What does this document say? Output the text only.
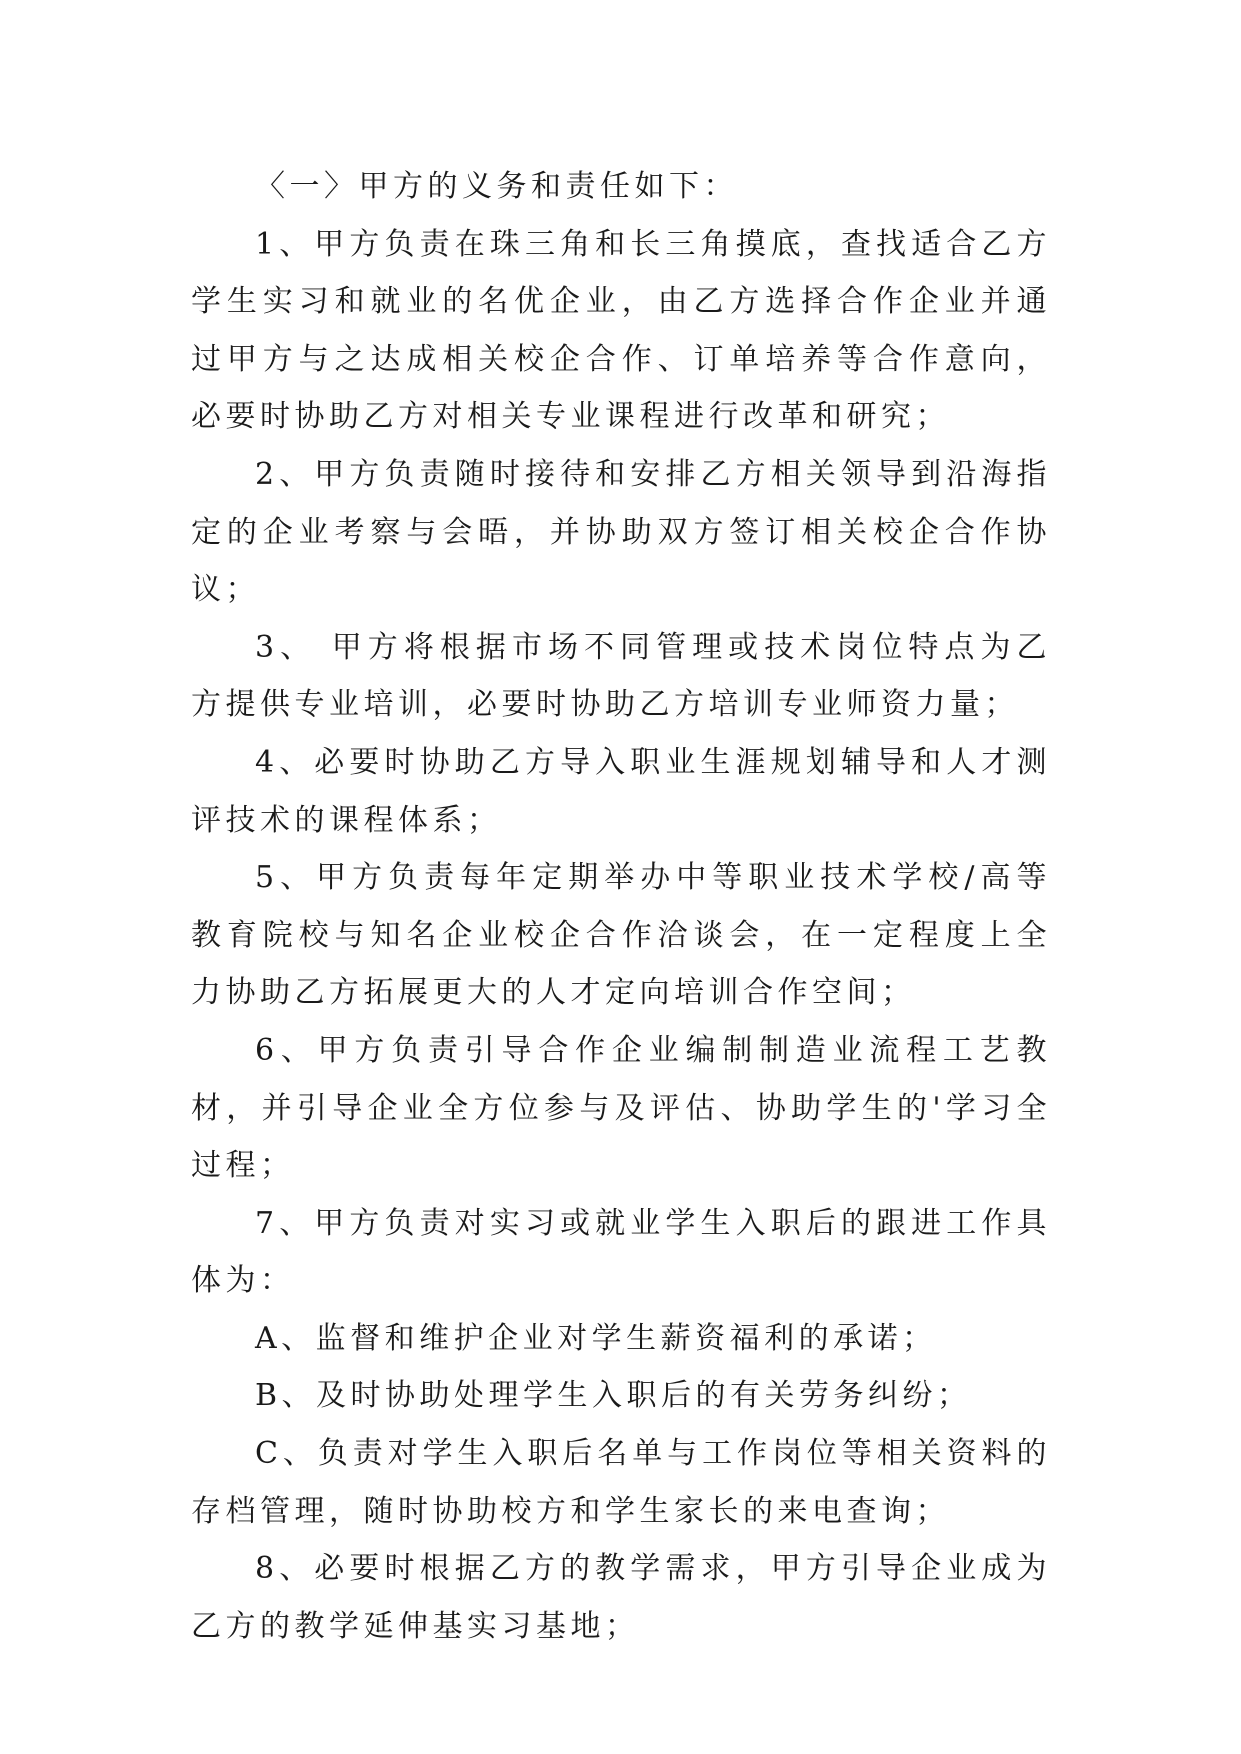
〈一〉甲方的义务和责任如下：

1、甲方负责在珠三角和长三角摸底，查找适合乙方学生实习和就业的名优企业，由乙方选择合作企业并通过甲方与之达成相关校企合作、订单培养等合作意向，必要时协助乙方对相关专业课程进行改革和研究；

2、甲方负责随时接待和安排乙方相关领导到沿海指定的企业考察与会晤，并协助双方签订相关校企合作协议；

3、 甲方将根据市场不同管理或技术岗位特点为乙方提供专业培训，必要时协助乙方培训专业师资力量；

4、必要时协助乙方导入职业生涯规划辅导和人才测评技术的课程体系；

5、甲方负责每年定期举办中等职业技术学校/高等教育院校与知名企业校企合作洽谈会，在一定程度上全力协助乙方拓展更大的人才定向培训合作空间；

6、甲方负责引导合作企业编制制造业流程工艺教材，并引导企业全方位参与及评估、协助学生的'学习全过程；

7、甲方负责对实习或就业学生入职后的跟进工作具体为：

A、监督和维护企业对学生薪资福利的承诺；

B、及时协助处理学生入职后的有关劳务纠纷；

C、负责对学生入职后名单与工作岗位等相关资料的存档管理，随时协助校方和学生家长的来电查询；

8、必要时根据乙方的教学需求，甲方引导企业成为乙方的教学延伸基实习基地；
